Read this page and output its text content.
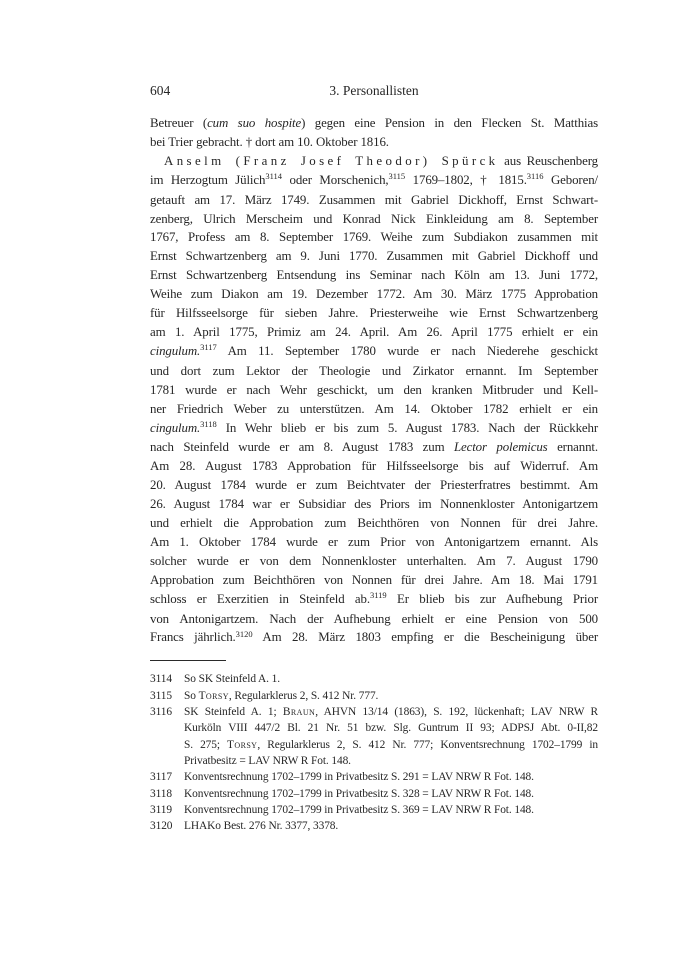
604	3. Personallisten
Betreuer (cum suo hospite) gegen eine Pension in den Flecken St. Matthias
bei Trier gebracht. † dort am 10. Oktober 1816.
Anselm (Franz Josef Theodor) Spürck aus Reuschenberg
im Herzogtum Jülich$^{3114}$ oder Morschenich,$^{3115}$ 1769–1802, † 1815.$^{3116}$ Geboren/
getauft am 17. März 1749. Zusammen mit Gabriel Dickhoff, Ernst Schwart-
zenberg, Ulrich Merscheim und Konrad Nick Einkleidung am 8. September
1767, Profess am 8. September 1769. Weihe zum Subdiakon zusammen mit
Ernst Schwartzenberg am 9. Juni 1770. Zusammen mit Gabriel Dickhoff und
Ernst Schwartzenberg Entsendung ins Seminar nach Köln am 13. Juni 1772,
Weihe zum Diakon am 19. Dezember 1772. Am 30. März 1775 Approbation
für Hilfsseelsorge für sieben Jahre. Priesterweihe wie Ernst Schwartzenberg
am 1. April 1775, Primiz am 24. April. Am 26. April 1775 erhielt er ein
cingulum.$^{3117}$ Am 11. September 1780 wurde er nach Niederehe geschickt
und dort zum Lektor der Theologie und Zirkator ernannt. Im September
1781 wurde er nach Wehr geschickt, um den kranken Mitbruder und Kell-
ner Friedrich Weber zu unterstützen. Am 14. Oktober 1782 erhielt er ein
cingulum.$^{3118}$ In Wehr blieb er bis zum 5. August 1783. Nach der Rückkehr
nach Steinfeld wurde er am 8. August 1783 zum Lector polemicus ernannt.
Am 28. August 1783 Approbation für Hilfsseelsorge bis auf Widerruf. Am
20. August 1784 wurde er zum Beichtvater der Priesterfratres bestimmt. Am
26. August 1784 war er Subsidiar des Priors im Nonnenkloster Antonigartzem
und erhielt die Approbation zum Beichthören von Nonnen für drei Jahre.
Am 1. Oktober 1784 wurde er zum Prior von Antonigartzem ernannt. Als
solcher wurde er von dem Nonnenkloster unterhalten. Am 7. August 1790
Approbation zum Beichthören von Nonnen für drei Jahre. Am 18. Mai 1791
schloss er Exerzitien in Steinfeld ab.$^{3119}$ Er blieb bis zur Aufhebung Prior
von Antonigartzem. Nach der Aufhebung erhielt er eine Pension von 500
Francs jährlich.$^{3120}$ Am 28. März 1803 empfing er die Bescheinigung über
3114 So SK Steinfeld A. 1.
3115 So Torsy, Regularklerus 2, S. 412 Nr. 777.
3116 SK Steinfeld A. 1; Braun, AHVN 13/14 (1863), S. 192, lückenhaft; LAV NRW R
Kurköln VIII 447/2 Bl. 21 Nr. 51 bzw. Slg. Guntrum II 93; ADPSJ Abt. 0-II,82
S. 275; Torsy, Regularklerus 2, S. 412 Nr. 777; Konventsrechnung 1702–1799 in
Privatbesitz = LAV NRW R Fot. 148.
3117 Konventsrechnung 1702–1799 in Privatbesitz S. 291 = LAV NRW R Fot. 148.
3118 Konventsrechnung 1702–1799 in Privatbesitz S. 328 = LAV NRW R Fot. 148.
3119 Konventsrechnung 1702–1799 in Privatbesitz S. 369 = LAV NRW R Fot. 148.
3120 LHAKo Best. 276 Nr. 3377, 3378.
